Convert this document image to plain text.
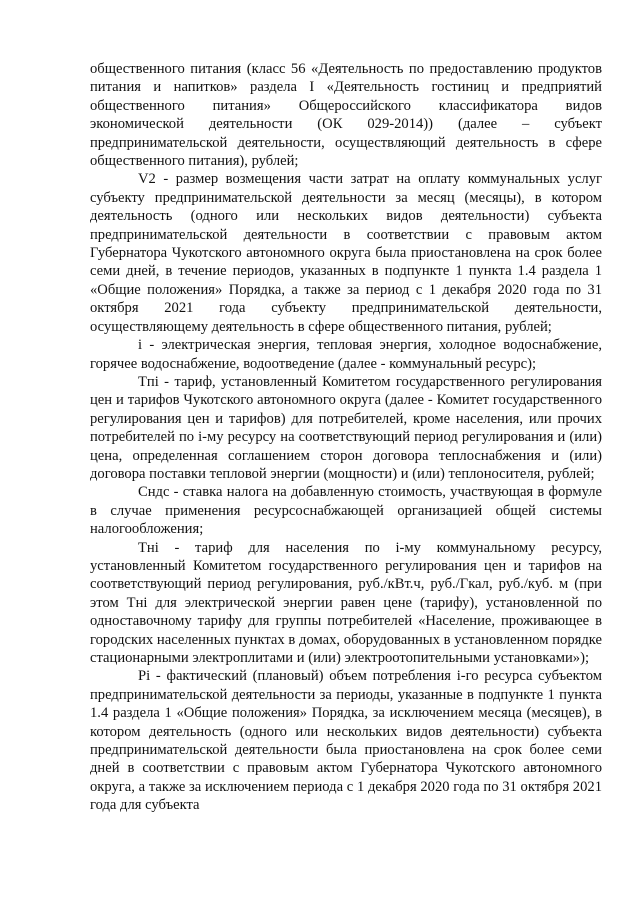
общественного питания (класс 56 «Деятельность по предоставлению продуктов питания и напитков» раздела I «Деятельность гостиниц и предприятий общественного питания» Общероссийского классификатора видов экономической деятельности (ОК 029-2014)) (далее – субъект предпринимательской деятельности, осуществляющий деятельность в сфере общественного питания), рублей;

V2 - размер возмещения части затрат на оплату коммунальных услуг субъекту предпринимательской деятельности за месяц (месяцы), в котором деятельность (одного или нескольких видов деятельности) субъекта предпринимательской деятельности в соответствии с правовым актом Губернатора Чукотского автономного округа была приостановлена на срок более семи дней, в течение периодов, указанных в подпункте 1 пункта 1.4 раздела 1 «Общие положения» Порядка, а также за период с 1 декабря 2020 года по 31 октября 2021 года субъекту предпринимательской деятельности, осуществляющему деятельность в сфере общественного питания, рублей;

i - электрическая энергия, тепловая энергия, холодное водоснабжение, горячее водоснабжение, водоотведение (далее - коммунальный ресурс);

Tпi - тариф, установленный Комитетом государственного регулирования цен и тарифов Чукотского автономного округа (далее - Комитет государственного регулирования цен и тарифов) для потребителей, кроме населения, или прочих потребителей по i-му ресурсу на соответствующий период регулирования и (или) цена, определенная соглашением сторон договора теплоснабжения и (или) договора поставки тепловой энергии (мощности) и (или) теплоносителя, рублей;

Cндс - ставка налога на добавленную стоимость, участвующая в формуле в случае применения ресурсоснабжающей организацией общей системы налогообложения;

Tнi - тариф для населения по i-му коммунальному ресурсу, установленный Комитетом государственного регулирования цен и тарифов на соответствующий период регулирования, руб./кВт.ч, руб./Гкал, руб./куб. м (при этом Tнi для электрической энергии равен цене (тарифу), установленной по одноставочному тарифу для группы потребителей «Население, проживающее в городских населенных пунктах в домах, оборудованных в установленном порядке стационарными электроплитами и (или) электроотопительными установками»);

Pi - фактический (плановый) объем потребления i-го ресурса субъектом предпринимательской деятельности за периоды, указанные в подпункте 1 пункта 1.4 раздела 1 «Общие положения» Порядка, за исключением месяца (месяцев), в котором деятельность (одного или нескольких видов деятельности) субъекта предпринимательской деятельности была приостановлена на срок более семи дней в соответствии с правовым актом Губернатора Чукотского автономного округа, а также за исключением периода с 1 декабря 2020 года по 31 октября 2021 года для субъекта
